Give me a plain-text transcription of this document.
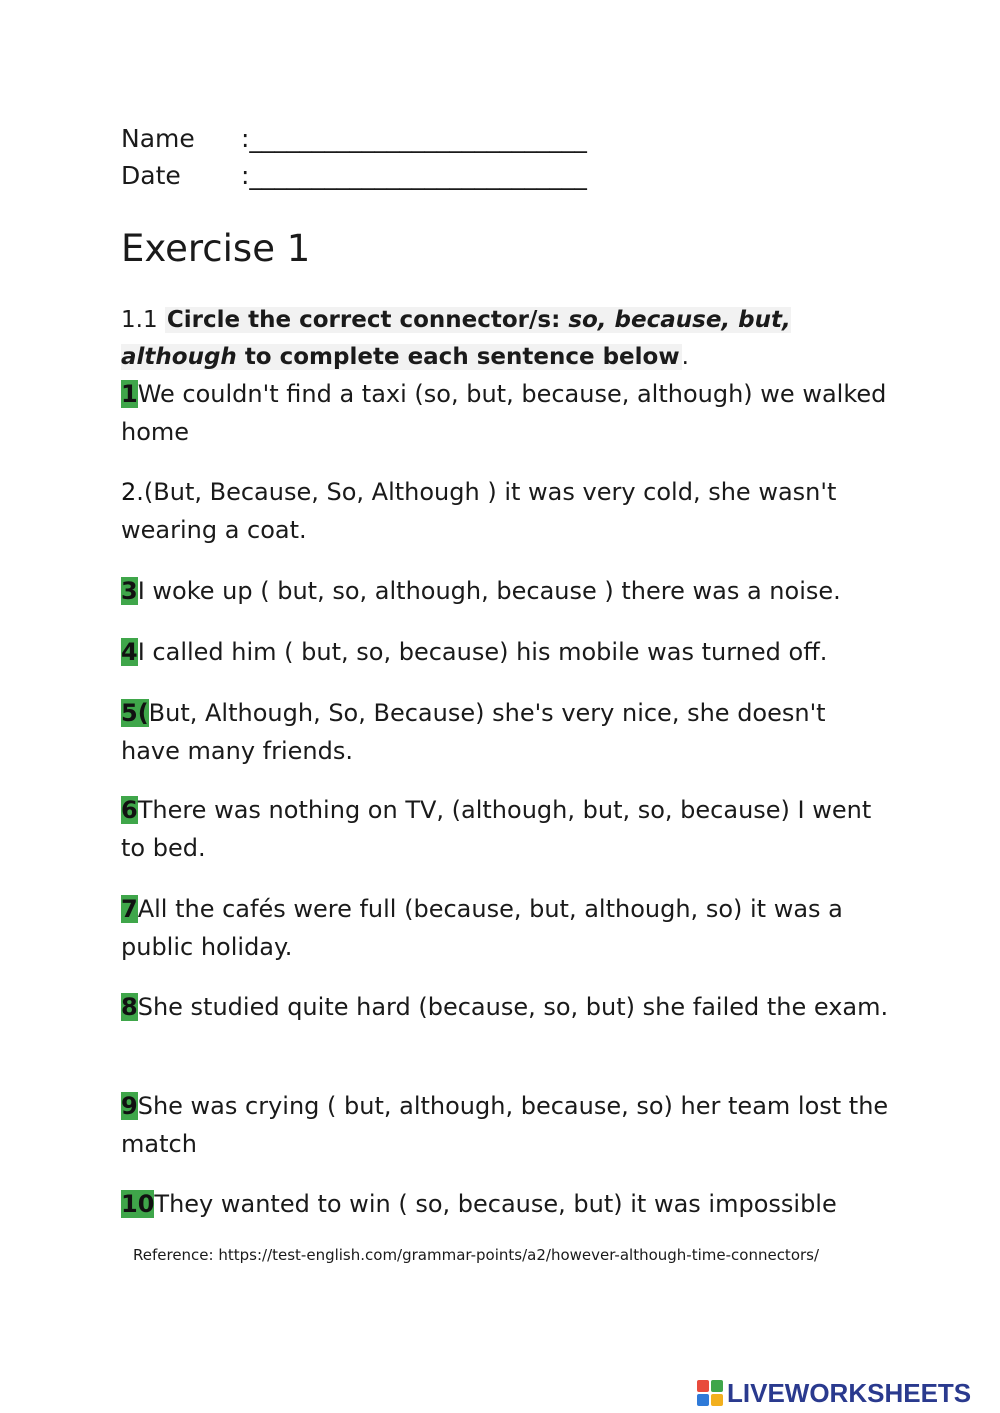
Name :___________________________
Date :___________________________
Exercise 1
1.1 Circle the correct connector/s: so, because, but, although to complete each sentence below.
1We couldn't find a taxi (so, but, because, although) we walked home
2.(But, Because, So, Although ) it was very cold, she wasn't wearing a coat.
3I woke up ( but, so, although, because ) there was a noise.
4I called him ( but, so, because) his mobile was turned off.
5(But, Although, So, Because) she's very nice, she doesn't have many friends.
6There was nothing on TV, (although, but, so, because) I went to bed.
7All the cafés were full (because, but, although, so) it was a public holiday.
8She studied quite hard (because, so, but) she failed the exam.
9She was crying ( but, although, because, so) her team lost the match
10They wanted to win ( so, because, but) it was impossible
Reference: https://test-english.com/grammar-points/a2/however-although-time-connectors/
LIVEWORKSHEETS
